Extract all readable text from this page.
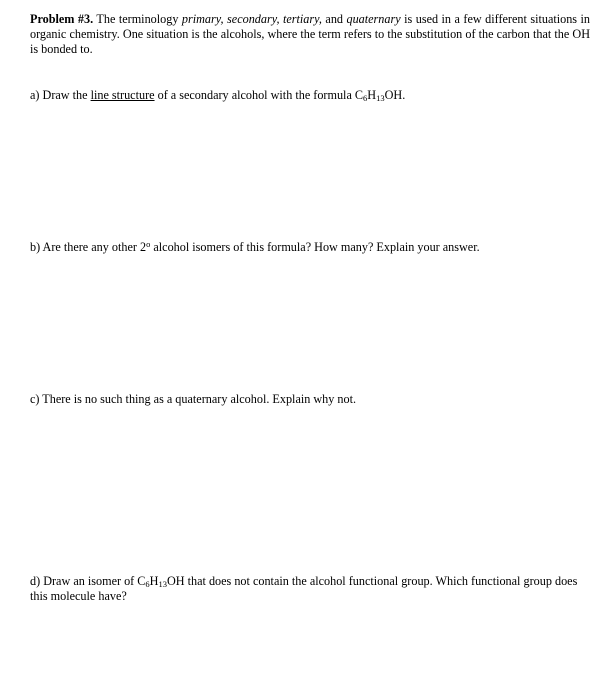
Problem #3. The terminology primary, secondary, tertiary, and quaternary is used in a few different situations in organic chemistry. One situation is the alcohols, where the term refers to the substitution of the carbon that the OH is bonded to.

a) Draw the line structure of a secondary alcohol with the formula $C_6H_{13}OH$.

b) Are there any other 2$^o$ alcohol isomers of this formula? How many? Explain your answer.

c) There is no such thing as a quaternary alcohol. Explain why not.

d) Draw an isomer of $C_6H_{13}OH$ that does not contain the alcohol functional group. Which functional group does this molecule have?
